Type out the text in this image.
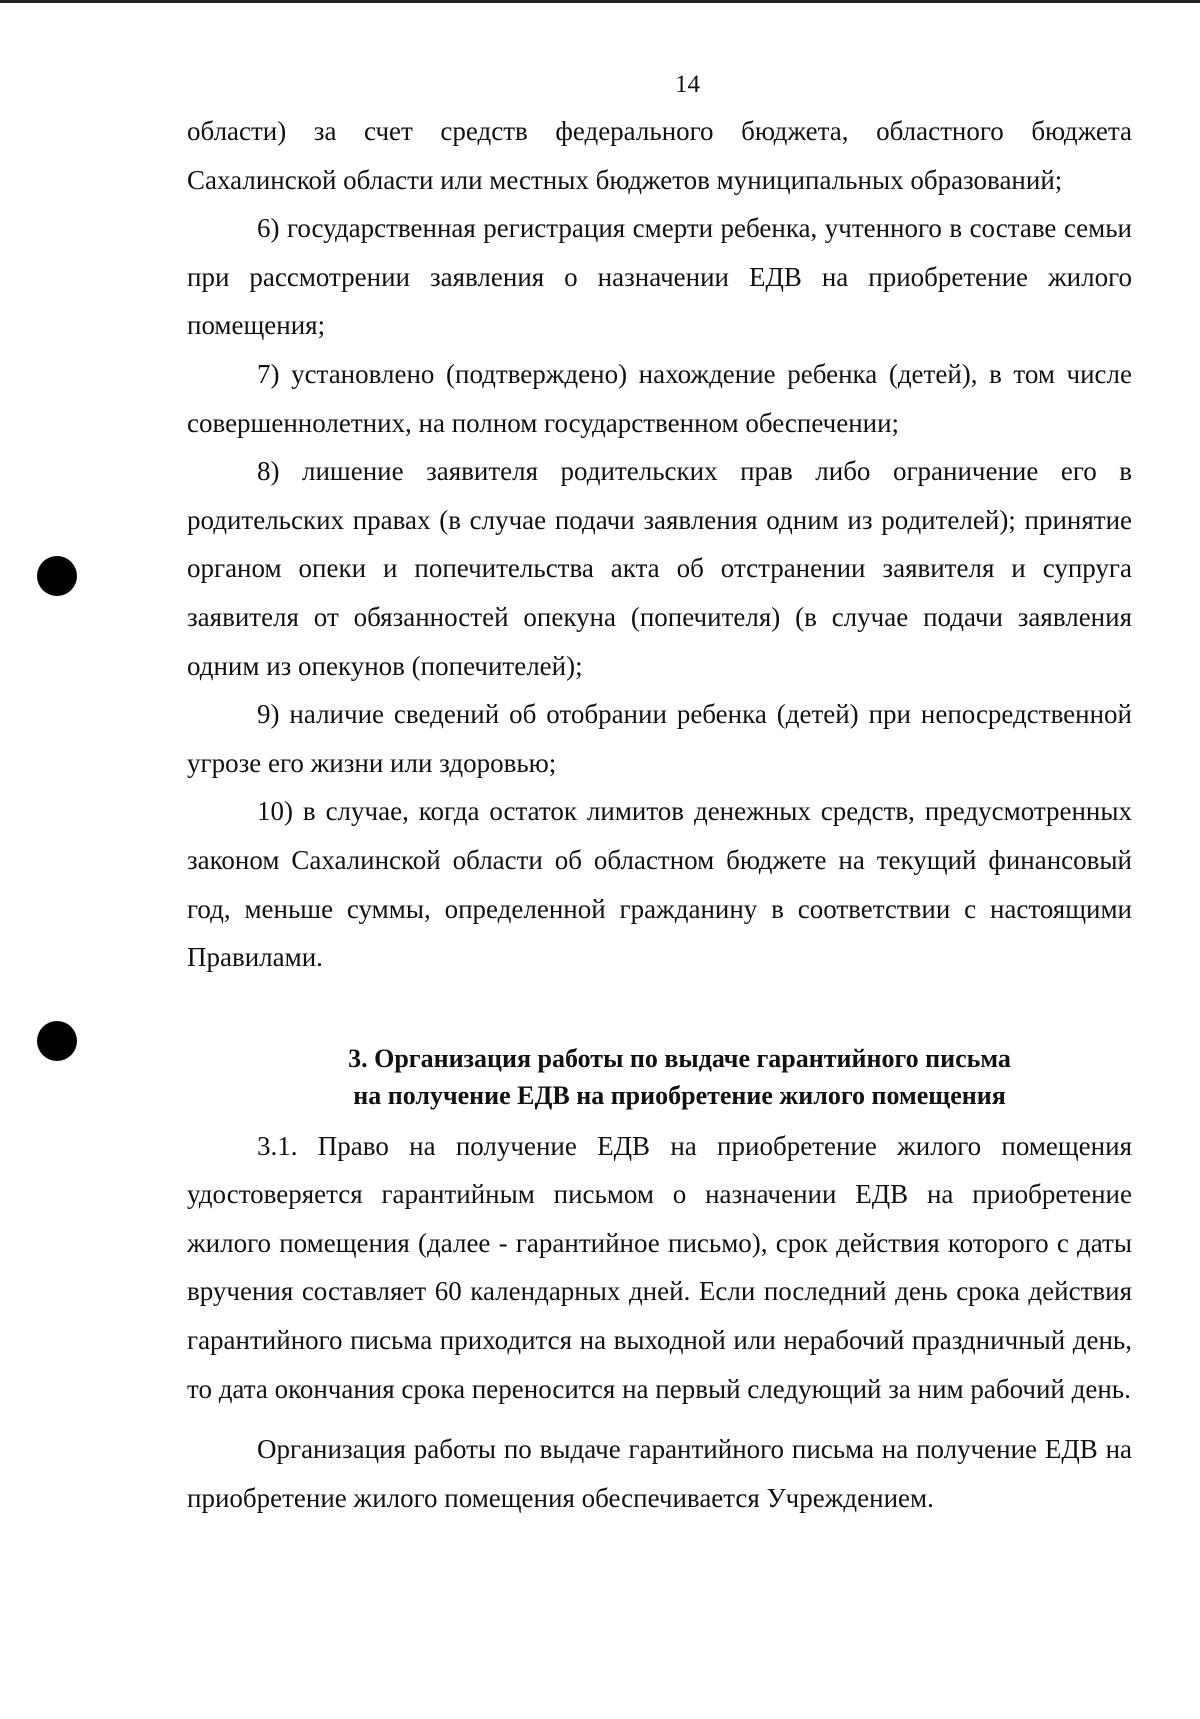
14

области) за счет средств федерального бюджета, областного бюджета Сахалинской области или местных бюджетов муниципальных образований;

6) государственная регистрация смерти ребенка, учтенного в составе семьи при рассмотрении заявления о назначении ЕДВ на приобретение жилого помещения;

7) установлено (подтверждено) нахождение ребенка (детей), в том числе совершеннолетних, на полном государственном обеспечении;

8) лишение заявителя родительских прав либо ограничение его в родительских правах (в случае подачи заявления одним из родителей); принятие органом опеки и попечительства акта об отстранении заявителя и супруга заявителя от обязанностей опекуна (попечителя) (в случае подачи заявления одним из опекунов (попечителей);

9) наличие сведений об отобрании ребенка (детей) при непосредственной угрозе его жизни или здоровью;

10) в случае, когда остаток лимитов денежных средств, предусмотренных законом Сахалинской области об областном бюджете на текущий финансовый год, меньше суммы, определенной гражданину в соответствии с настоящими Правилами.

3. Организация работы по выдаче гарантийного письма
на получение ЕДВ на приобретение жилого помещения

3.1. Право на получение ЕДВ на приобретение жилого помещения удостоверяется гарантийным письмом о назначении ЕДВ на приобретение жилого помещения (далее - гарантийное письмо), срок действия которого с даты вручения составляет 60 календарных дней. Если последний день срока действия гарантийного письма приходится на выходной или нерабочий праздничный день, то дата окончания срока переносится на первый следующий за ним рабочий день.

Организация работы по выдаче гарантийного письма на получение ЕДВ на приобретение жилого помещения обеспечивается Учреждением.
